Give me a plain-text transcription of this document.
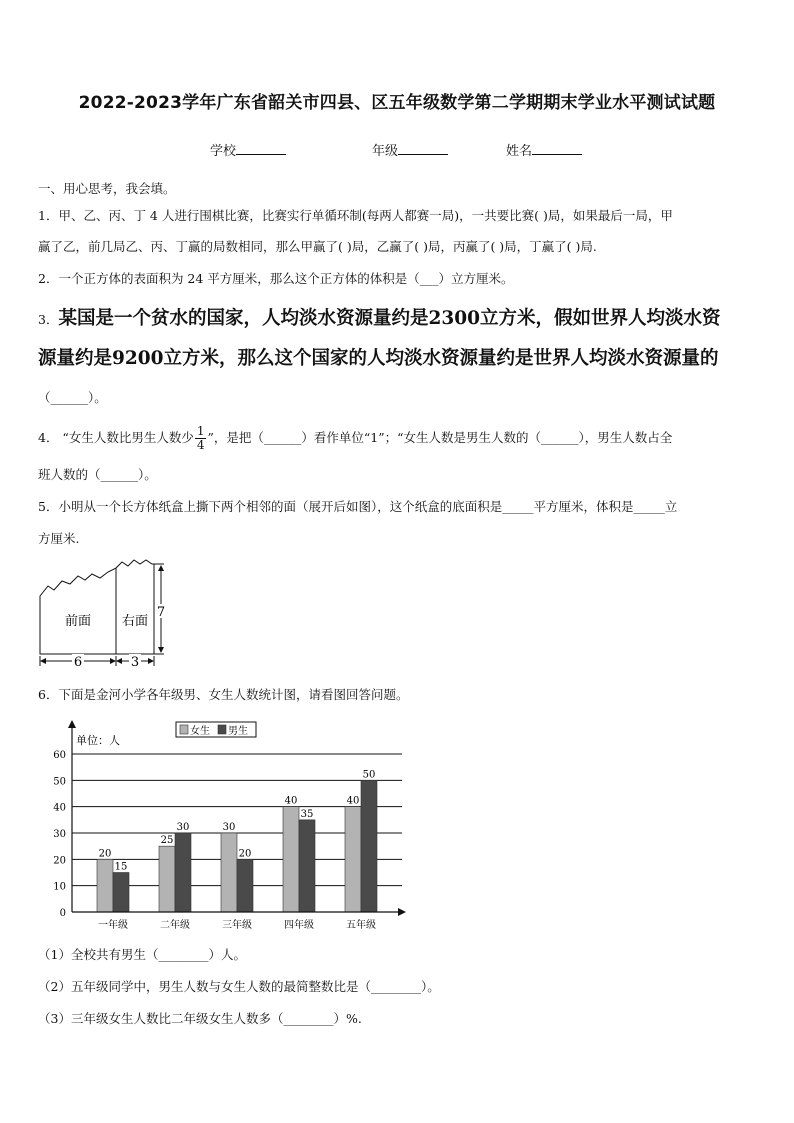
2022-2023学年广东省韶关市四县、区五年级数学第二学期期末学业水平测试试题
学校	年级	姓名
一、用心思考，我会填。
1．甲、乙、丙、丁 4 人进行围棋比赛，比赛实行单循环制(每两人都赛一局)，一共要比赛( )局，如果最后一局，甲
赢了乙，前几局乙、丙、丁赢的局数相同，那么甲赢了( )局，乙赢了( )局，丙赢了( )局，丁赢了( )局.
2．一个正方体的表面积为 24 平方厘米，那么这个正方体的体积是（___）立方厘米。
3．某国是一个贫水的国家，人均淡水资源量约是2300立方米，假如世界人均淡水资
源量约是9200立方米，那么这个国家的人均淡水资源量约是世界人均淡水资源量的
（______）。
4． “女生人数比男生人数少 $\frac{1}{4}$ ”，是把（______）看作单位“1”；“女生人数是男生人数的（______），男生人数占全
班人数的（______）。
5．小明从一个长方体纸盒上撕下两个相邻的面（展开后如图），这个纸盒的底面积是_____平方厘米，体积是_____立
方厘米.
前面 右面
7
6	3
6．下面是金河小学各年级男、女生人数统计图，请看图回答问题。
0
10
20
30
40
50
60
20
15
一年级
25
30
二年级
30
20
三年级
40
35
四年级
40
50
五年级
单位：人
女生 男生
（1）全校共有男生（________）人。
（2）五年级同学中，男生人数与女生人数的最简整数比是（________）。
（3）三年级女生人数比二年级女生人数多（________）%.
